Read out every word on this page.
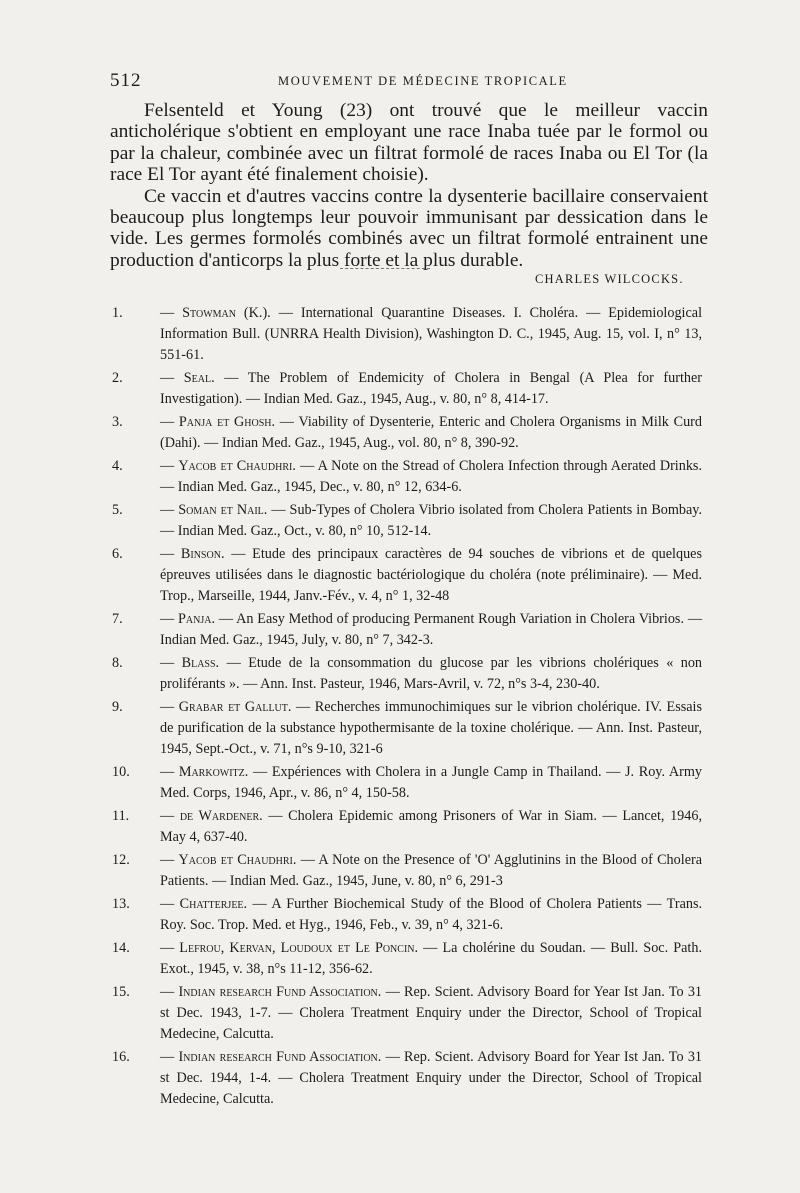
512	MOUVEMENT DE MÉDECINE TROPICALE

Felsenteld et Young (23) ont trouvé que le meilleur vaccin anticholérique s'obtient en employant une race Inaba tuée par le formol ou par la chaleur, combinée avec un filtrat formolé de races Inaba ou El Tor (la race El Tor ayant été finalement choisie).

Ce vaccin et d'autres vaccins contre la dysenterie bacillaire conservaient beaucoup plus longtemps leur pouvoir immunisant par dessication dans le vide. Les germes formolés combinés avec un filtrat formolé entrainent une production d'anticorps la plus forte et la plus durable.

CHARLES WILCOCKS.
1.	— Stowman (K.). — International Quarantine Diseases. I. Choléra. — Epidemiological Information Bull. (UNRRA Health Division), Washington D. C., 1945, Aug. 15, vol. I, n° 13, 551-61.
2.	— Seal. — The Problem of Endemicity of Cholera in Bengal (A Plea for further Investigation). — Indian Med. Gaz., 1945, Aug., v. 80, n° 8, 414-17.
3.	— Panja et Ghosh. — Viability of Dysenterie, Enteric and Cholera Organisms in Milk Curd (Dahi). — Indian Med. Gaz., 1945, Aug., vol. 80, n° 8, 390-92.
4.	— Yacob et Chaudhri. — A Note on the Stread of Cholera Infection through Aerated Drinks. — Indian Med. Gaz., 1945, Dec., v. 80, n° 12, 634-6.
5.	— Soman et Nail. — Sub-Types of Cholera Vibrio isolated from Cholera Patients in Bombay. — Indian Med. Gaz., Oct., v. 80, n° 10, 512-14.
6.	— Binson. — Etude des principaux caractères de 94 souches de vibrions et de quelques épreuves utilisées dans le diagnostic bactériologique du choléra (note préliminaire). — Med. Trop., Marseille, 1944, Janv.-Fév., v. 4, n° 1, 32-48
7.	— Panja. — An Easy Method of producing Permanent Rough Variation in Cholera Vibrios. — Indian Med. Gaz., 1945, July, v. 80, n° 7, 342-3.
8.	— Blass. — Etude de la consommation du glucose par les vibrions cholériques « non proliférants ». — Ann. Inst. Pasteur, 1946, Mars-Avril, v. 72, n°s 3-4, 230-40.
9.	— Grabar et Gallut. — Recherches immunochimiques sur le vibrion cholérique. IV. Essais de purification de la substance hypothermisante de la toxine cholérique. — Ann. Inst. Pasteur, 1945, Sept.-Oct., v. 71, n°s 9-10, 321-6
10. — Markowitz. — Expériences with Cholera in a Jungle Camp in Thailand. — J. Roy. Army Med. Corps, 1946, Apr., v. 86, n° 4, 150-58.
11. — de Wardener. — Cholera Epidemic among Prisoners of War in Siam. — Lancet, 1946, May 4, 637-40.
12. — Yacob et Chaudhri. — A Note on the Presence of 'O' Agglutinins in the Blood of Cholera Patients. — Indian Med. Gaz., 1945, June, v. 80, n° 6, 291-3
13. — Chatterjee. — A Further Biochemical Study of the Blood of Cholera Patients — Trans. Roy. Soc. Trop. Med. et Hyg., 1946, Feb., v. 39, n° 4, 321-6.
14. — Lefrou, Kervan, Loudoux et Le Poncin. — La cholérine du Soudan. — Bull. Soc. Path. Exot., 1945, v. 38, n°s 11-12, 356-62.
15. — Indian research Fund Association. — Rep. Scient. Advisory Board for Year Ist Jan. To 31 st Dec. 1943, 1-7. — Cholera Treatment Enquiry under the Director, School of Tropical Medecine, Calcutta.
16. — Indian research Fund Association. — Rep. Scient. Advisory Board for Year Ist Jan. To 31 st Dec. 1944, 1-4. — Cholera Treatment Enquiry under the Director, School of Tropical Medecine, Calcutta.
